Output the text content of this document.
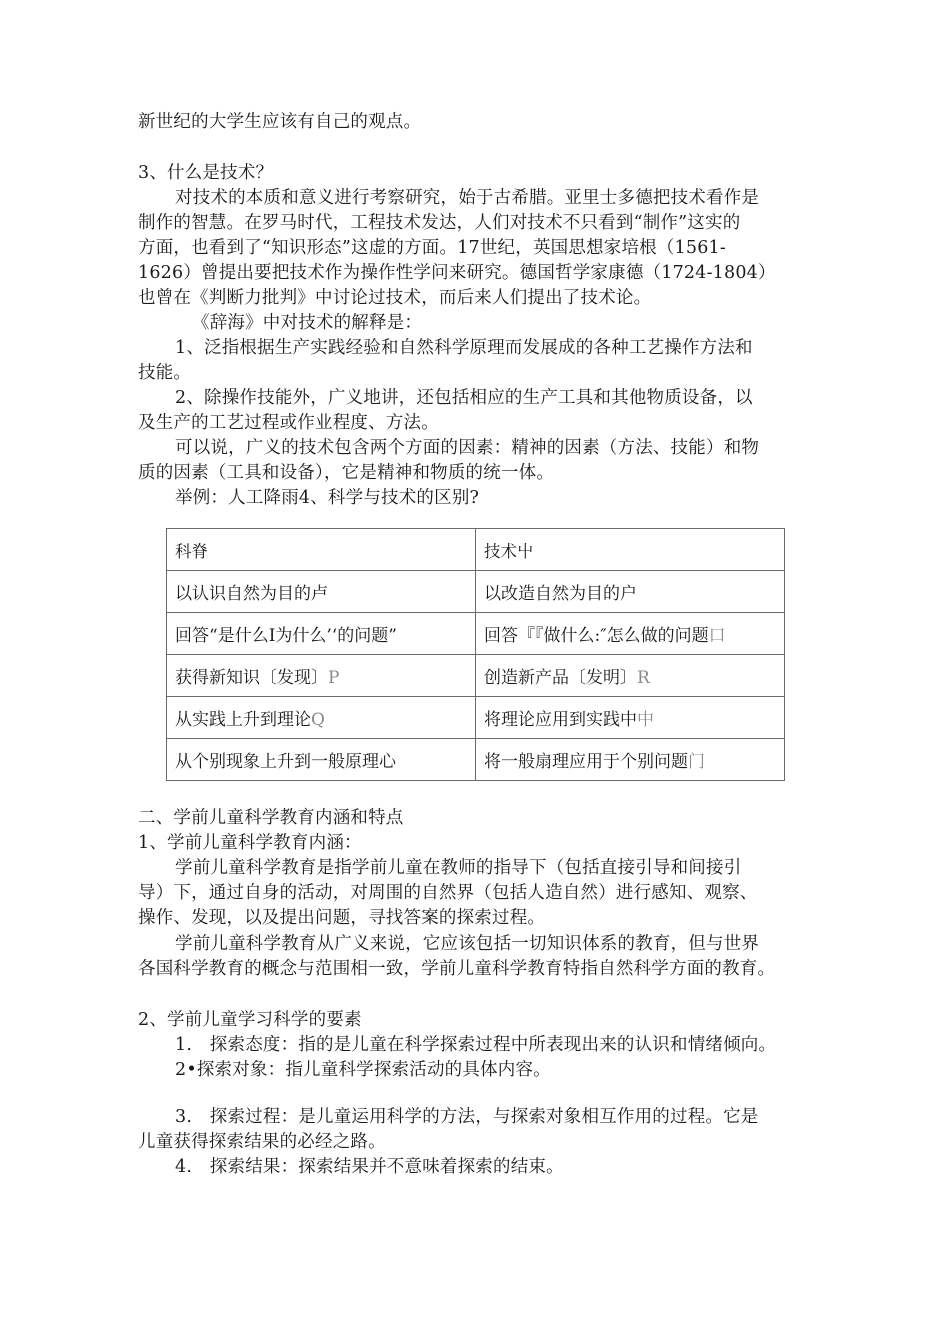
新世纪的大学生应该有自己的观点。
3、什么是技术？
对技术的本质和意义进行考察研究，始于古希腊。亚里士多德把技术看作是
制作的智慧。在罗马时代，工程技术发达，人们对技术不只看到“制作”这实的
方面，也看到了“知识形态”这虚的方面。17世纪，英国思想家培根（1561-
1626）曾提出要把技术作为操作性学问来研究。德国哲学家康德（1724-1804）
也曾在《判断力批判》中讨论过技术，而后来人们提出了技术论。
《辞海》中对技术的解释是：
1、泛指根据生产实践经验和自然科学原理而发展成的各种工艺操作方法和
技能。
2、除操作技能外，广义地讲，还包括相应的生产工具和其他物质设备，以
及生产的工艺过程或作业程度、方法。
可以说，广义的技术包含两个方面的因素：精神的因素（方法、技能）和物
质的因素（工具和设备），它是精神和物质的统一体。
举例：人工降雨4、科学与技术的区别?
科脊	技术屮
以认识自然为目的卢	以改造自然为目的户
回答“是什么I为什么’‘的问题”	回答『『做什么:″怎么做的问题口
获得新知识〔发现〕P	创造新产品〔发明〕R
从实践上升到理论Q	将理论应用到实践中中
从个别现象上升到一般原理心	将一般扇理应用于个别问题门
二、学前儿童科学教育内涵和特点
1、学前儿童科学教育内涵：
学前儿童科学教育是指学前儿童在教师的指导下（包括直接引导和间接引
导）下，通过自身的活动，对周围的自然界（包括人造自然）进行感知、观察、
操作、发现，以及提出问题，寻找答案的探索过程。
学前儿童科学教育从广义来说，它应该包括一切知识体系的教育，但与世界
各国科学教育的概念与范围相一致，学前儿童科学教育特指自然科学方面的教育。
2、学前儿童学习科学的要素
1.　探索态度：指的是儿童在科学探索过程中所表现出来的认识和情绪倾向。
2•探索对象：指儿童科学探索活动的具体内容。
3.　探索过程：是儿童运用科学的方法，与探索对象相互作用的过程。它是
儿童获得探索结果的必经之路。
4.　探索结果：探索结果并不意味着探索的结束。
